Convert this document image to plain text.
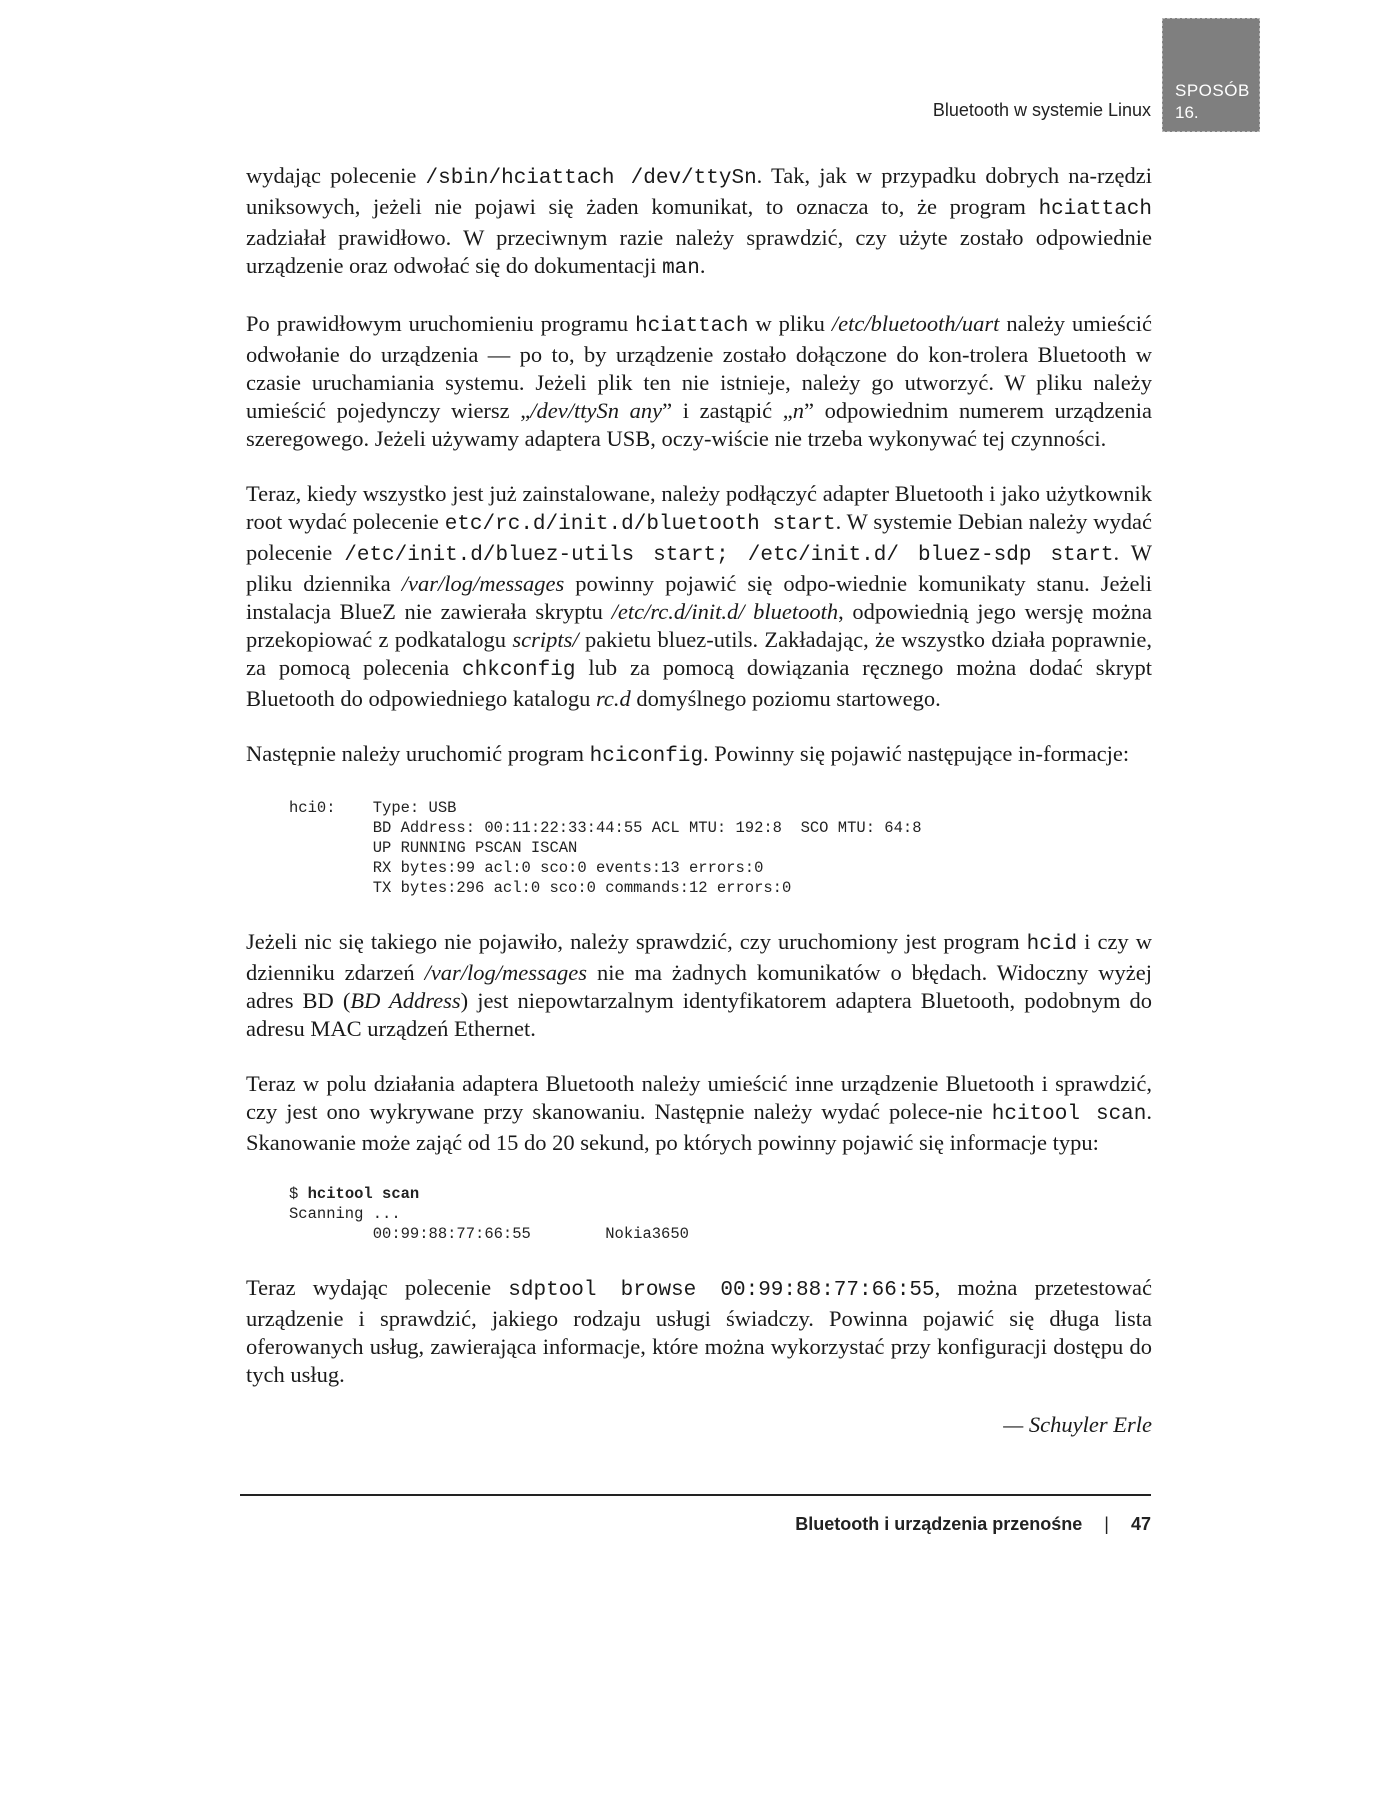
Bluetooth w systemie Linux
SPOSÓB
16.

wydając polecenie /sbin/hciattach /dev/ttySn. Tak, jak w przypadku dobrych na-rzędzi uniksowych, jeżeli nie pojawi się żaden komunikat, to oznacza to, że program hciattach zadziałał prawidłowo. W przeciwnym razie należy sprawdzić, czy użyte zostało odpowiednie urządzenie oraz odwołać się do dokumentacji man.

Po prawidłowym uruchomieniu programu hciattach w pliku /etc/bluetooth/uart należy umieścić odwołanie do urządzenia — po to, by urządzenie zostało dołączone do kon-trolera Bluetooth w czasie uruchamiania systemu. Jeżeli plik ten nie istnieje, należy go utworzyć. W pliku należy umieścić pojedynczy wiersz „/dev/ttySn any” i zastąpić „n” odpowiednim numerem urządzenia szeregowego. Jeżeli używamy adaptera USB, oczy-wiście nie trzeba wykonywać tej czynności.

Teraz, kiedy wszystko jest już zainstalowane, należy podłączyć adapter Bluetooth i jako użytkownik root wydać polecenie etc/rc.d/init.d/bluetooth start. W systemie Debian należy wydać polecenie /etc/init.d/bluez-utils start; /etc/init.d/ bluez-sdp start. W pliku dziennika /var/log/messages powinny pojawić się odpo-wiednie komunikaty stanu. Jeżeli instalacja BlueZ nie zawierała skryptu /etc/rc.d/init.d/ bluetooth, odpowiednią jego wersję można przekopiować z podkatalogu scripts/ pakietu bluez-utils. Zakładając, że wszystko działa poprawnie, za pomocą polecenia chkconfig lub za pomocą dowiązania ręcznego można dodać skrypt Bluetooth do odpowiedniego katalogu rc.d domyślnego poziomu startowego.

Następnie należy uruchomić program hciconfig. Powinny się pojawić następujące in-formacje:

hci0:    Type: USB
BD Address: 00:11:22:33:44:55 ACL MTU: 192:8  SCO MTU: 64:8
UP RUNNING PSCAN ISCAN
RX bytes:99 acl:0 sco:0 events:13 errors:0
TX bytes:296 acl:0 sco:0 commands:12 errors:0

Jeżeli nic się takiego nie pojawiło, należy sprawdzić, czy uruchomiony jest program hcid i czy w dzienniku zdarzeń /var/log/messages nie ma żadnych komunikatów o błędach. Widoczny wyżej adres BD (BD Address) jest niepowtarzalnym identyfikatorem adaptera Bluetooth, podobnym do adresu MAC urządzeń Ethernet.

Teraz w polu działania adaptera Bluetooth należy umieścić inne urządzenie Bluetooth i sprawdzić, czy jest ono wykrywane przy skanowaniu. Następnie należy wydać polece-nie hcitool scan. Skanowanie może zająć od 15 do 20 sekund, po których powinny pojawić się informacje typu:

$ hcitool scan
Scanning ...
00:99:88:77:66:55        Nokia3650

Teraz wydając polecenie sdptool browse 00:99:88:77:66:55, można przetestować urządzenie i sprawdzić, jakiego rodzaju usługi świadczy. Powinna pojawić się długa lista oferowanych usług, zawierająca informacje, które można wykorzystać przy konfiguracji dostępu do tych usług.

— Schuyler Erle
Bluetooth i urządzenia przenośne | 47
